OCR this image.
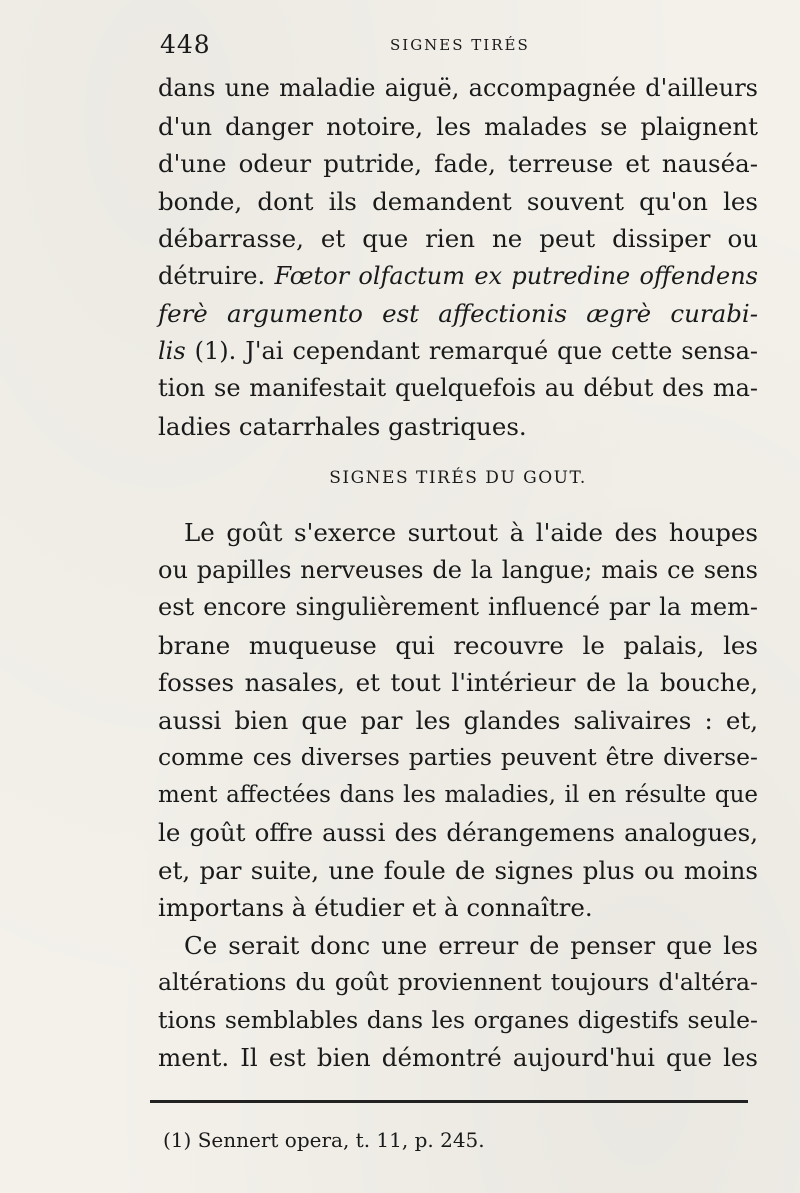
448	SIGNES TIRÉS
dans une maladie aiguë, accompagnée d'ailleurs
d'un danger notoire, les malades se plaignent
d'une odeur putride, fade, terreuse et nauséa-
bonde, dont ils demandent souvent qu'on les
débarrasse, et que rien ne peut dissiper ou
détruire. Fœtor olfactum ex putredine offendens
ferè argumento est affectionis ægrè curabi-
lis (1). J'ai cependant remarqué que cette sensa-
tion se manifestait quelquefois au début des ma-
ladies catarrhales gastriques.
SIGNES TIRÉS DU GOUT.
Le goût s'exerce surtout à l'aide des houpes
ou papilles nerveuses de la langue; mais ce sens
est encore singulièrement influencé par la mem-
brane muqueuse qui recouvre le palais, les
fosses nasales, et tout l'intérieur de la bouche,
aussi bien que par les glandes salivaires : et,
comme ces diverses parties peuvent être diverse-
ment affectées dans les maladies, il en résulte que
le goût offre aussi des dérangemens analogues,
et, par suite, une foule de signes plus ou moins
importans à étudier et à connaître.
Ce serait donc une erreur de penser que les
altérations du goût proviennent toujours d'altéra-
tions semblables dans les organes digestifs seule-
ment. Il est bien démontré aujourd'hui que les
(1) Sennert opera, t. 11, p. 245.
